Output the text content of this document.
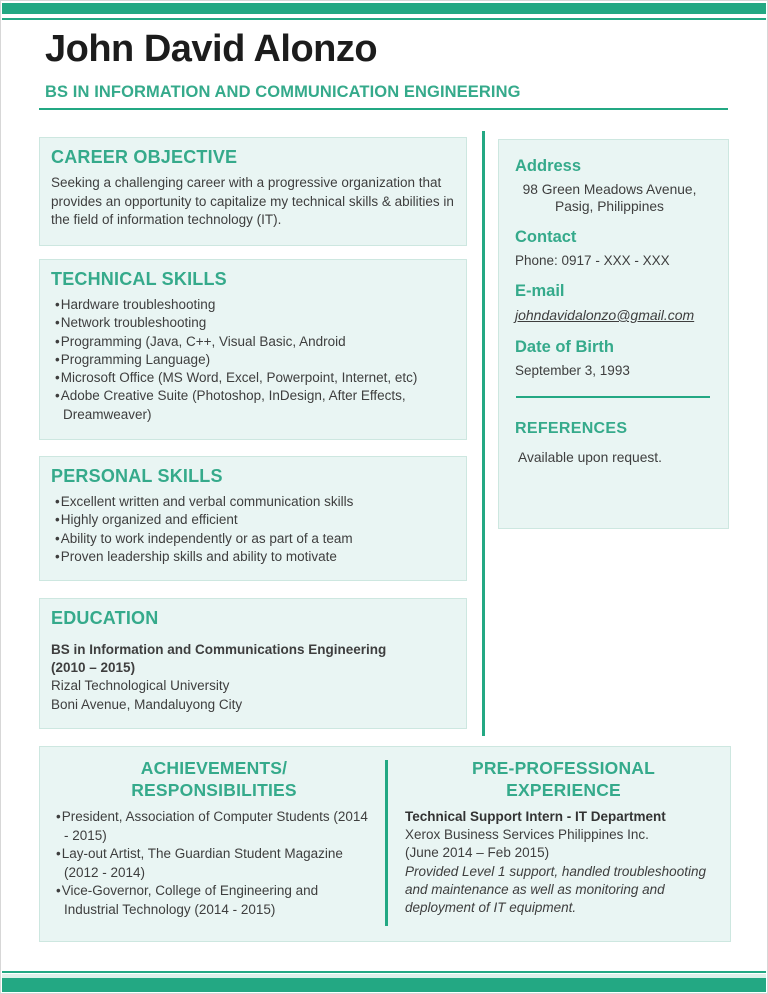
John David Alonzo
BS IN INFORMATION AND COMMUNICATION ENGINEERING
CAREER OBJECTIVE

Seeking a challenging career with a progressive organization that provides an opportunity to capitalize my technical skills & abilities in the field of information technology (IT).

TECHNICAL SKILLS
• Hardware troubleshooting
• Network troubleshooting
• Programming (Java, C++, Visual Basic, Android
• Programming Language)
• Microsoft Office (MS Word, Excel, Powerpoint, Internet, etc)
• Adobe Creative Suite (Photoshop, InDesign, After Effects, Dreamweaver)
PERSONAL SKILLS
• Excellent written and verbal communication skills
• Highly organized and efficient
• Ability to work independently or as part of a team
• Proven leadership skills and ability to motivate
EDUCATION
BS in Information and Communications Engineering
(2010 – 2015)
Rizal Technological University
Boni Avenue, Mandaluyong City
Address
98 Green Meadows Avenue,
Pasig, Philippines
Contact
Phone: 0917 - XXX - XXX
E-mail
johndavidalonzo@gmail.com
Date of Birth
September 3, 1993
REFERENCES
Available upon request.
ACHIEVEMENTS/
RESPONSIBILITIES
• President, Association of Computer Students (2014 - 2015)
• Lay-out Artist, The Guardian Student Magazine (2012 - 2014)
• Vice-Governor, College of Engineering and Industrial Technology (2014 - 2015)
PRE-PROFESSIONAL
EXPERIENCE
Technical Support Intern - IT Department
Xerox Business Services Philippines Inc.
(June 2014 – Feb 2015)
Provided Level 1 support, handled troubleshooting and maintenance as well as monitoring and deployment of IT equipment.
